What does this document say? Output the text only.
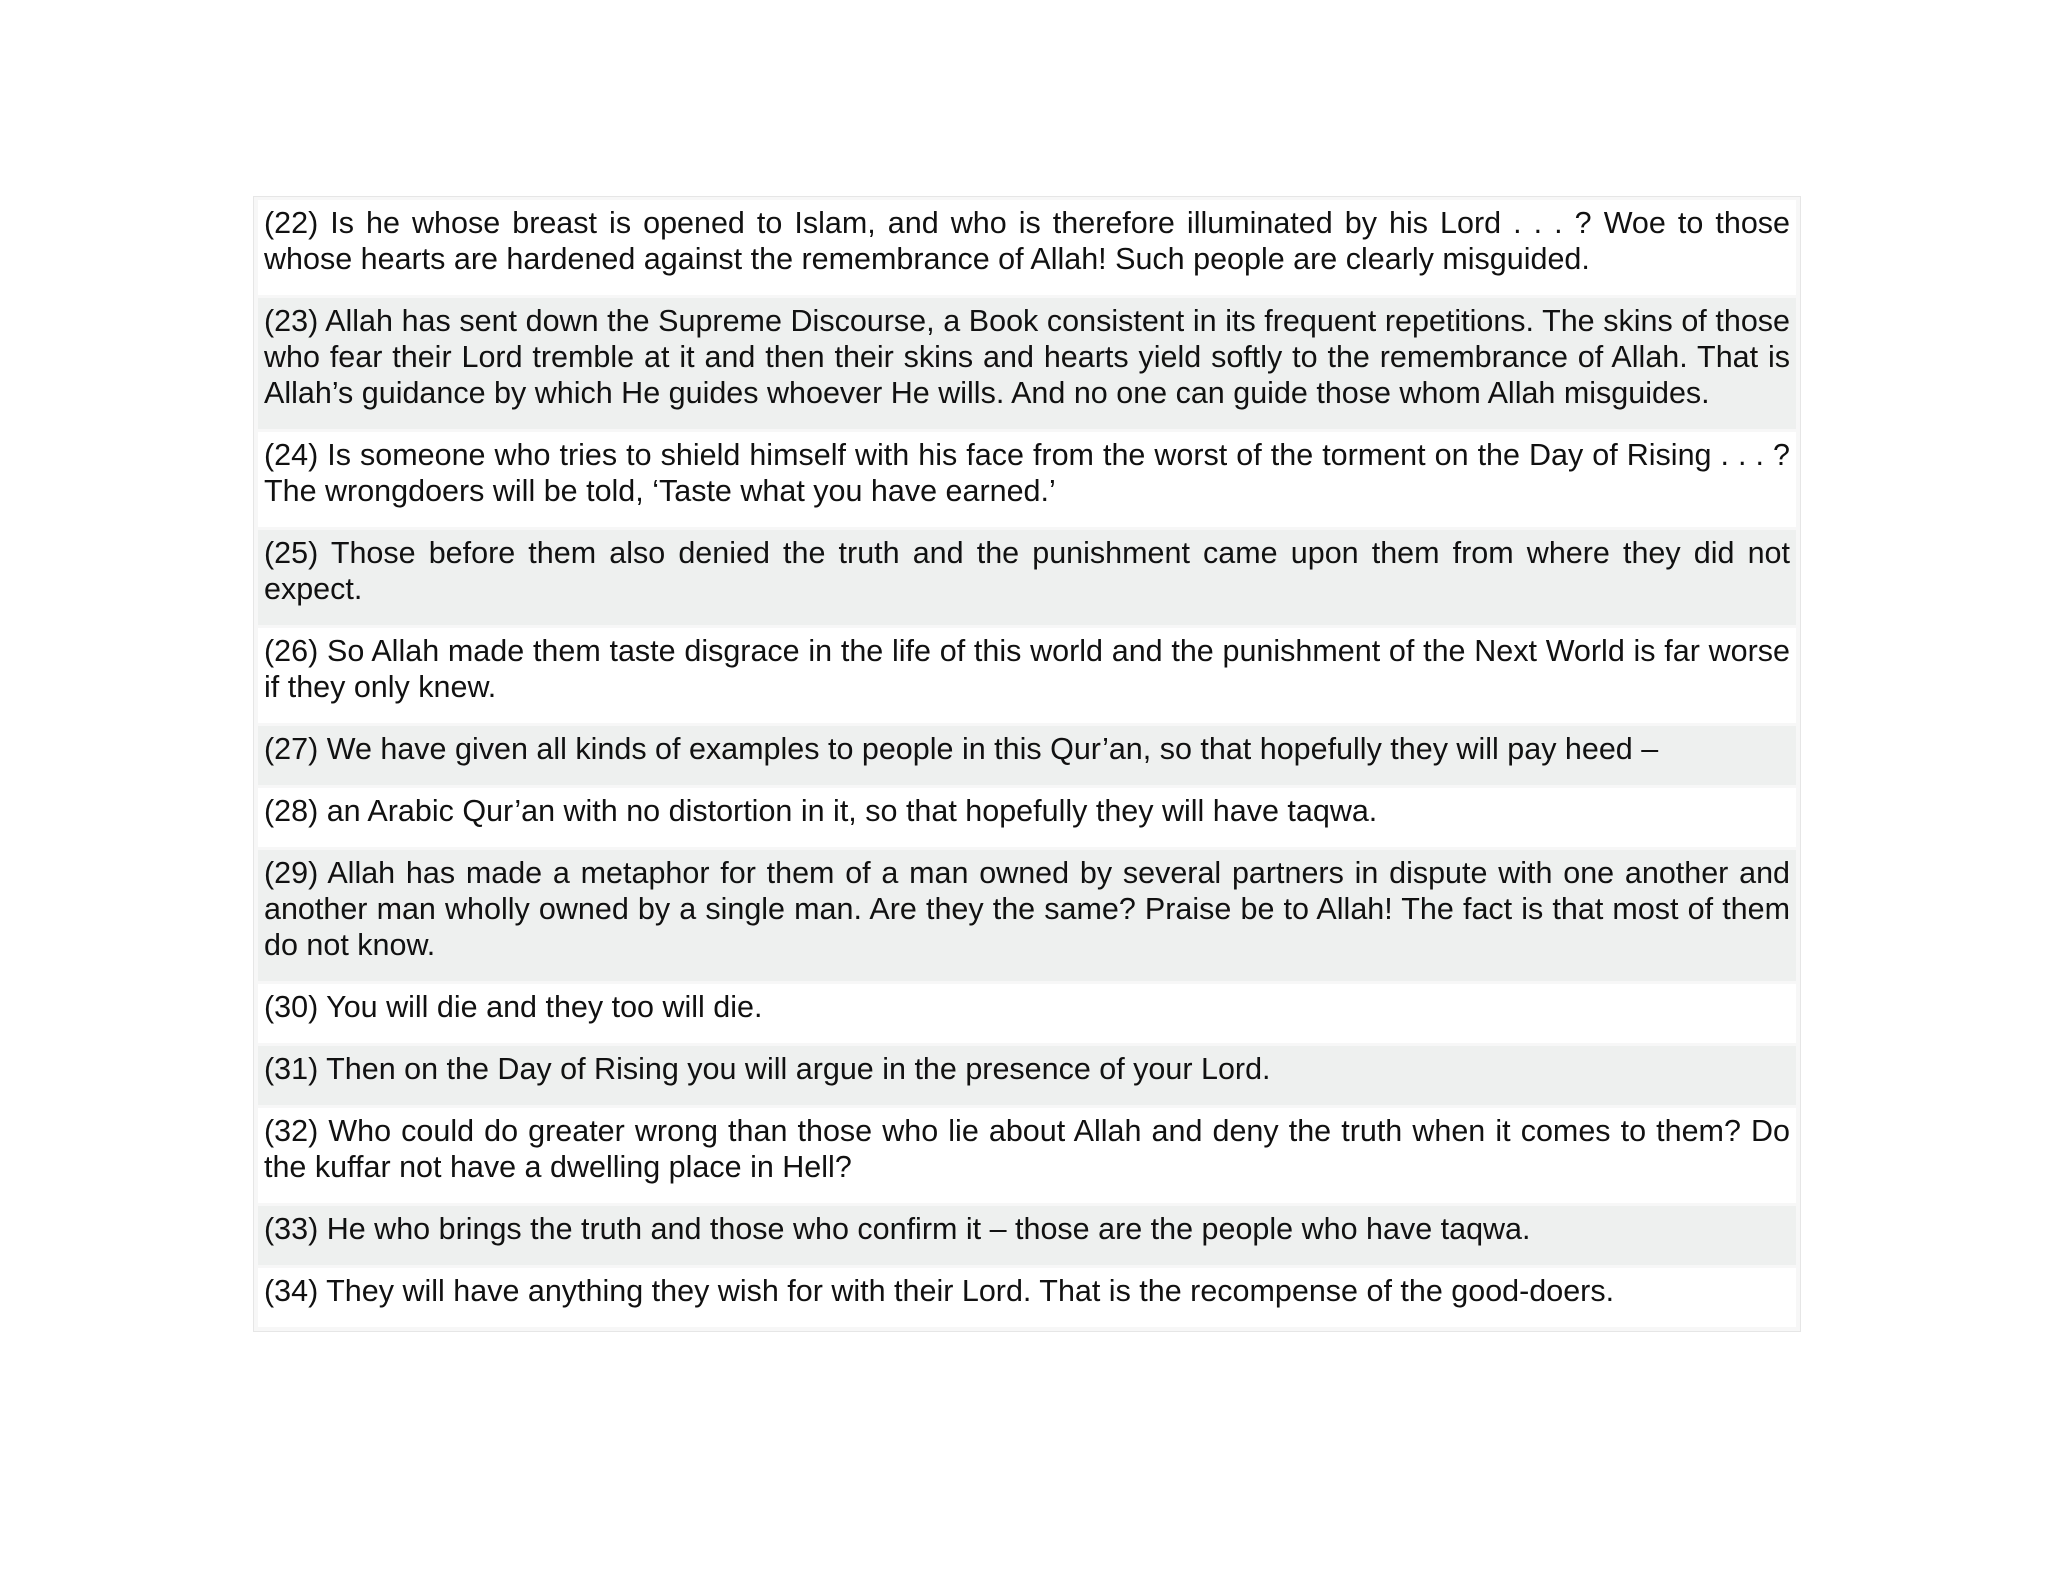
(22) Is he whose breast is opened to Islam, and who is therefore illuminated by his Lord . . . ? Woe to those whose hearts are hardened against the remembrance of Allah! Such people are clearly misguided.
(23) Allah has sent down the Supreme Discourse, a Book consistent in its frequent repetitions. The skins of those who fear their Lord tremble at it and then their skins and hearts yield softly to the remembrance of Allah. That is Allah’s guidance by which He guides whoever He wills. And no one can guide those whom Allah misguides.
(24) Is someone who tries to shield himself with his face from the worst of the torment on the Day of Rising . . . ? The wrongdoers will be told, ‘Taste what you have earned.’
(25) Those before them also denied the truth and the punishment came upon them from where they did not expect.
(26) So Allah made them taste disgrace in the life of this world and the punishment of the Next World is far worse if they only knew.
(27) We have given all kinds of examples to people in this Qur’an, so that hopefully they will pay heed –
(28) an Arabic Qur’an with no distortion in it, so that hopefully they will have taqwa.
(29) Allah has made a metaphor for them of a man owned by several partners in dispute with one another and another man wholly owned by a single man. Are they the same? Praise be to Allah! The fact is that most of them do not know.
(30) You will die and they too will die.
(31) Then on the Day of Rising you will argue in the presence of your Lord.
(32) Who could do greater wrong than those who lie about Allah and deny the truth when it comes to them? Do the kuffar not have a dwelling place in Hell?
(33) He who brings the truth and those who confirm it – those are the people who have taqwa.
(34) They will have anything they wish for with their Lord. That is the recompense of the good-doers.
